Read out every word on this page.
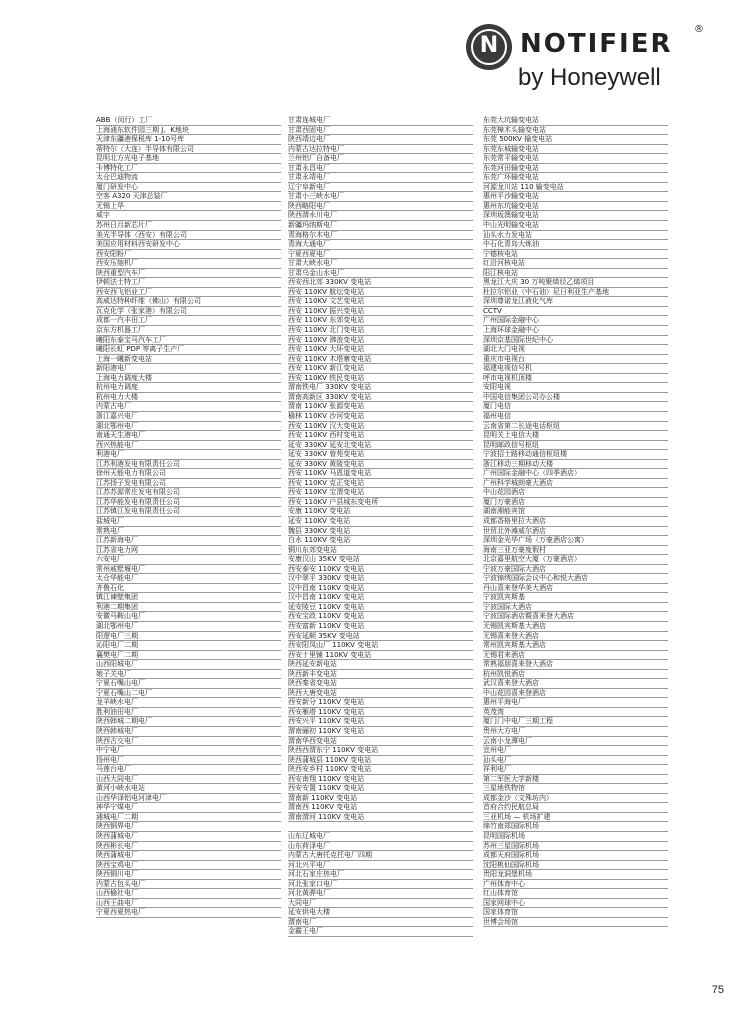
N NOTIFIER ®
by Honeywell
ABB（闵行）工厂
上海浦东软件园三期 J、K地块
天津东疆港保税库 1-10号库
蒂特尔（大连）半导体有限公司
昆明北方光电子基地
卡博特化工厂
太仓巴迪物流
厦门研发中心
空客 A320 天津总装厂
无锡上华
威宇
苏州日月新芯片厂
美光半导体（西安）有限公司
美国应用材料西安研发中心
西安阳粉厂
西安压缩机厂
陕西重型汽车厂
伊顿法士特工厂
西安西飞铝业工厂
高威达特种纤维（佛山）有限公司
瓦克化学（张家港）有限公司
成都一汽丰田工厂
京东方机器工厂
曦阳东泰宝马汽车工厂
曦阳长虹 PDP 等离子生产厂
上海一曦新变电站
新阳港电厂
上海电力调度大楼
杭州电力调度
杭州电力大楼
内蒙古电厂
浙江嘉兴电厂
湖北鄂州电厂
南通天生港电厂
西兴热能电厂
利港电厂
江苏利港发电有限责任公司
徐州天能电力有限公司
江苏扬子发电有限公司
江苏苏源常庄发电有限公司
江苏华能发电有限责任公司
江苏镇江发电有限责任公司
盐城电厂
常熟电厂
江苏新海电厂
江苏省电力网
六安电厂
常州戚墅堰电厂
太仓华能电厂
齐鲁石化
镇江谏壁集团
利港二期集团
安徽马鞍山电厂
湖北鄂州电厂
阳逻电厂三期
沁阳电厂二期
襄樊电厂二期
山西阳城电厂
娘子关电厂
宁夏石嘴山电厂
宁夏石嘴山二电厂
龙羊峡水电厂
胜利油田电厂
陕西韩城二期电厂
陕西韩城电厂
陕西古交电厂
中宁电厂
扬州电厂
马莲台电厂
山西大同电厂
黄河小峡水电站
山西华泽铝电河津电厂
神华宁煤电厂
浦城电厂二期
陕西铜界电厂
陕西蒲城电厂
陕西彬长电厂
陕西蒲城电厂
陕西宝鸡电厂
陕西铜川电厂
内蒙古包头电厂
山西榆社电厂
山西王曲电厂
宁夏西夏热电厂
甘肃连城电厂
甘肃西固电厂
陕西靖边电厂
内蒙古达拉特电厂
兰州铝厂自备电厂
甘肃永昌电厂
甘肃永靖电厂
辽宁阜新电厂
甘肃小三峡水电厂
陕西略阳电厂
陕西渭水川电厂
新疆玛纳斯电厂
青海格尔木电厂
青海大通电厂
宁夏西夏电厂
甘肃大峡水电厂
甘肃乌金山水电厂
西安西北郊 330KV 变电站
西安 110KV 航坛变电站
西安 110KV 文艺变电站
西安 110KV 振兴变电站
西安 110KV 东郊变电站
西安 110KV 北门变电站
西安 110KV 沸浪变电站
西安 110KV 大环变电站
西安 110KV 木塔寨变电站
西安 110KV 新江变电站
西安 110KV 铁民变电站
渭南铁电厂 330KV 变电站
渭南高新区 330KV 变电站
渭南 110KV 张源变电站
榆林 110KV 沙河变电站
西安 110KV 汉大变电站
西安 110KV 西村变电站
延安 330KV 延安北变电站
延安 330KV 曾苑变电站
延安 330KV 黄陵变电站
西安 110KV 马恩道变电站
西安 110KV 克正变电站
西安 110KV 宝渭变电站
西安 110KV 户县城东变电所
安康 110KV 变电站
延安 110KV 变电站
魏县 330KV 变电站
白水 110KV 变电站
铜川东郊变电站
安康汉山 35KV 变电站
西安泰安 110KV 变电站
汉中翠平 330KV 变电站
汉中昌南 110KV 变电站
汉中昌南 110KV 变电站
延安陵豆 110KV 变电站
西安宝政 110KV 变电站
西安富新 110KV 变电站
西安延顺 35KV 变电站
西安阳凤山厂 110KV 变电站
西安十里铺 110KV 变电站
陕西延安新电站
陕西新丰变电站
陕西秦省变电站
陕西大唐变电站
西安新分 110KV 变电站
西安雁塔 110KV 变电站
西安兴平 110KV 变电站
渭南骊初 110KV 变电站
渭南华西变电站
陕西西渭东宁 110KV 变电站
陕西蒲城县 110KV 变电站
陕西安乡村 110KV 变电站
西安南翔 110KV 变电站
西安安置 110KV 变电站
渭南新 110KV 变电站
渭南西 110KV 变电站
渭南渭河 110KV 变电站
山东辽城电厂
山东荷泽电厂
内蒙古大唐托克托电厂四期
河北兴平电厂
河北石家庄热电厂
河北张家口电厂
河北黄骅电厂
大同电厂
延安供电大楼
渭南电厂
金霸王电厂
东莞大坑输变电站
东莞樟木头输变电站
东莞 500KV 输变电站
东莞东城输变电站
东莞常平输变电站
东莞河田输变电站
东莞广环输变电站
河源龙川站 110 输变电站
惠州平沙输变电站
惠州东坑输变电站
深圳坂澳输变电站
中山光明输变电站
汕头水力发电站
中石化青岛大炼油
宁德核电站
红沿河核电站
阳江核电站
黑龙江大庆 30 万吨聚烯烃乙烯项目
杜拉尔铝业（中石油）尼日利亚生产基地
深圳尊诺龙江液化气库
CCTV
广州国际金融中心
上海环球金融中心
深圳京基国际世纪中心
湖北大门电视
重庆市电视台
福建电视信号机
呼市电视机顶楼
安阳电视
中国电信集团公司办公楼
厦门电信
福州电信
云南省第二长途电话枢纽
昆明关上电信大楼
昆明邮政信号枢纽
宁波招士路移动通信枢纽楼
浙江移动三期移动大楼
广州国际金融中心（四季酒店）
广州科学城朗豪大酒店
中山花园酒店
厦门万豪酒店
湖南湘能宾馆
成都香格里拉大酒店
世贸北外滩威尔酒店
深圳金光华广场（万豪酒店公寓）
海南三亚万豪度假村
北京嘉里航空大厦（万豪酒店）
宁波万豪国际大酒店
宁波锦绣国际会议中心和悦大酒店
丹山喜来登华美大酒店
宁波凯宾斯基
宁波国际大酒店
宁波国际酒店暨喜来登大酒店
无锡凯宾斯基大酒店
无锡喜来登大酒店
常州凯宾斯基大酒店
无锡君来酒店
常熟福朋喜来登大酒店
杭州凯悦酒店
武汉喜来登大酒店
中山花园喜来登酒店
惠州平海电厂
英茂湾
厦门门中电厂三期工程
贵州大方电厂
云南小龙潭电厂
宜州电厂
汕头电厂
祥利电厂
第二军医大学新楼
三星地铁物馆
成都金沙（文殊坊内）
首府合约民航总局
三亚机场 — 机场扩建
绵竹南郑国际机场
昆明国际机场
苏州三星国际机场
成都天府国际机场
沈阳桃仙国际机场
贵阳龙洞堡机场
广州体育中心
红山体育馆
国家网球中心
国家体育馆
世博会场馆
75
